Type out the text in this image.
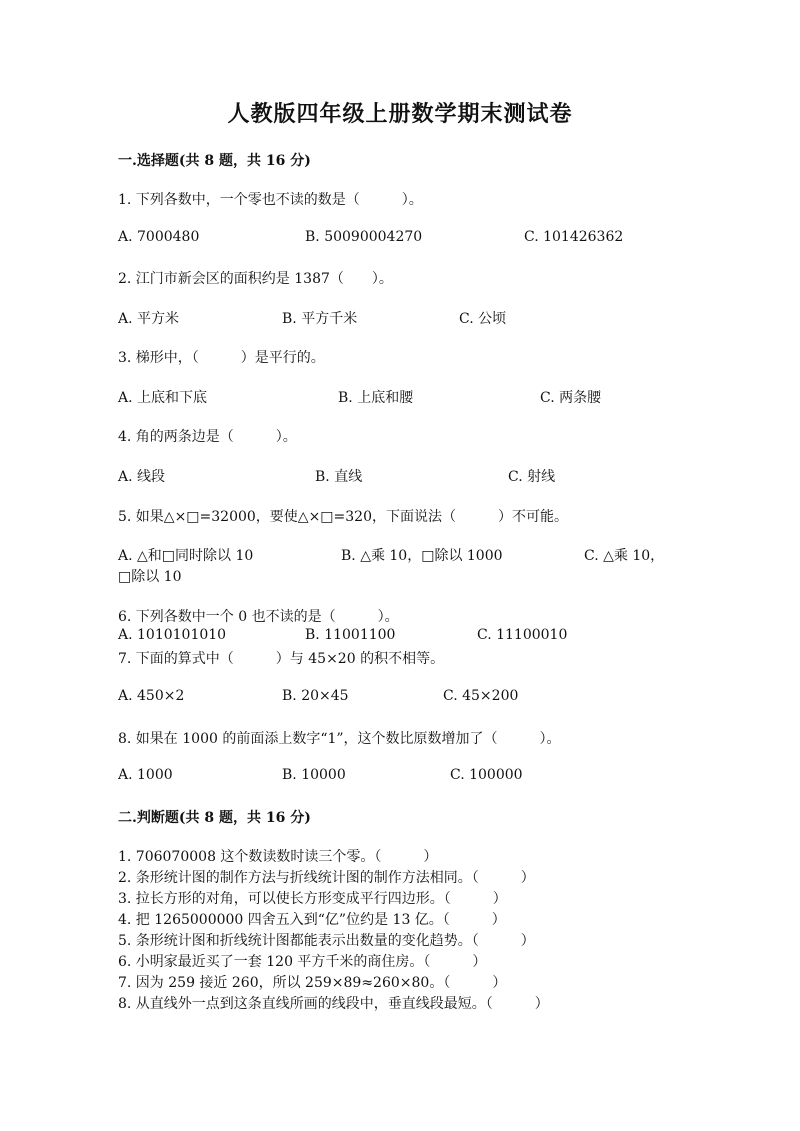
人教版四年级上册数学期末测试卷
一.选择题(共 8 题，共 16 分)
1. 下列各数中，一个零也不读的数是（　　　）。
A. 7000480	B. 50090004270	C. 101426362
2. 江门市新会区的面积约是 1387（　　）。
A. 平方米	B. 平方千米	C. 公顷
3. 梯形中，（　　　）是平行的。
A. 上底和下底	B. 上底和腰	C. 两条腰
4. 角的两条边是（　　　）。
A. 线段	B. 直线	C. 射线
5. 如果△×□=32000，要使△×□=320，下面说法（　　　）不可能。
A. △和□同时除以 10	B. △乘 10，□除以 1000	C. △乘 10，
□除以 10
6. 下列各数中一个 0 也不读的是（　　　）。
A. 1010101010	B. 11001100	C. 11100010
7. 下面的算式中（　　　）与 45×20 的积不相等。
A. 450×2	B. 20×45	C. 45×200
8. 如果在 1000 的前面添上数字“1”，这个数比原数增加了（　　　）。
A. 1000	B. 10000	C. 100000
二.判断题(共 8 题，共 16 分)
1. 706070008 这个数读数时读三个零。（　　　）
2. 条形统计图的制作方法与折线统计图的制作方法相同。（　　　）
3. 拉长方形的对角，可以使长方形变成平行四边形。（　　　）
4. 把 1265000000 四舍五入到“亿”位约是 13 亿。（　　　）
5. 条形统计图和折线统计图都能表示出数量的变化趋势。（　　　）
6. 小明家最近买了一套 120 平方千米的商住房。（　　　）
7. 因为 259 接近 260，所以 259×89≈260×80。（　　　）
8. 从直线外一点到这条直线所画的线段中，垂直线段最短。（　　　）
